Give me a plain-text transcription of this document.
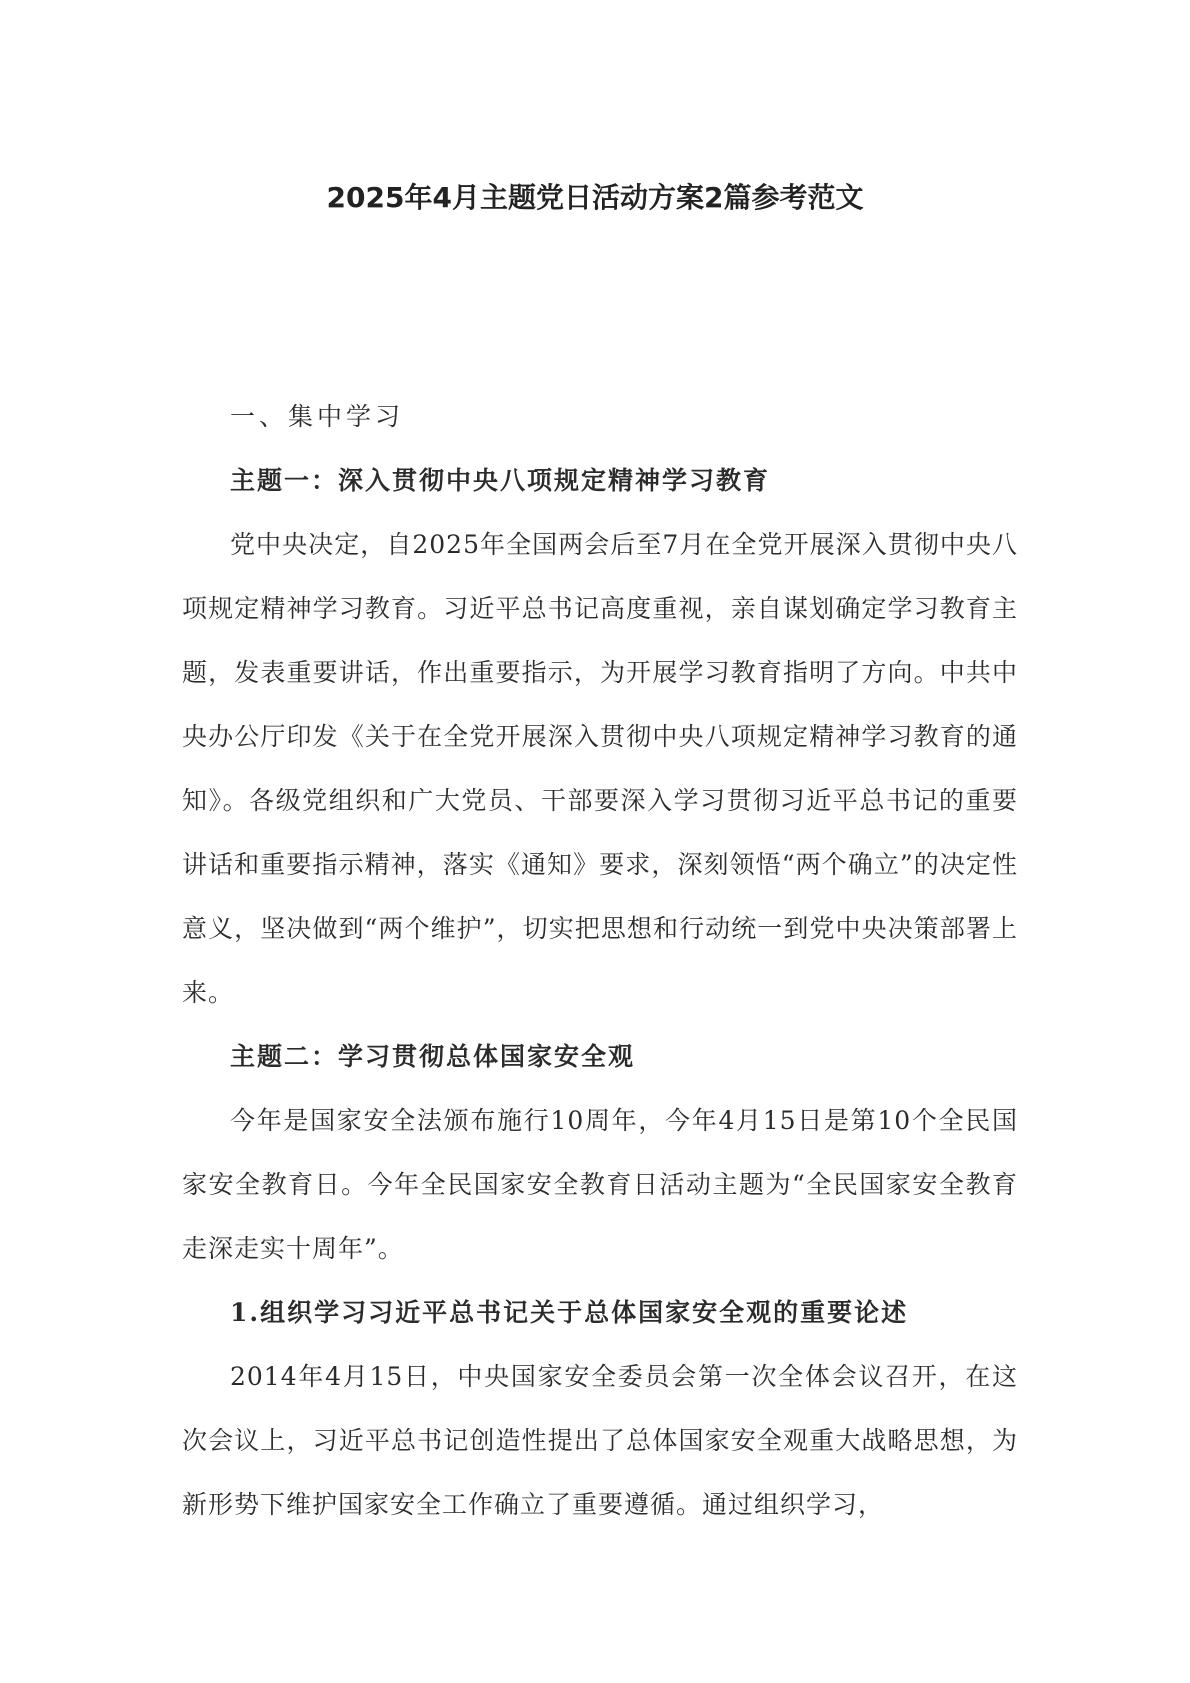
2025年4月主题党日活动方案2篇参考范文

一、集中学习

主题一：深入贯彻中央八项规定精神学习教育

党中央决定，自2025年全国两会后至7月在全党开展深入贯彻中央八项规定精神学习教育。习近平总书记高度重视，亲自谋划确定学习教育主题，发表重要讲话，作出重要指示，为开展学习教育指明了方向。中共中央办公厅印发《关于在全党开展深入贯彻中央八项规定精神学习教育的通知》。各级党组织和广大党员、干部要深入学习贯彻习近平总书记的重要讲话和重要指示精神，落实《通知》要求，深刻领悟“两个确立”的决定性意义，坚决做到“两个维护”，切实把思想和行动统一到党中央决策部署上来。

主题二：学习贯彻总体国家安全观

今年是国家安全法颁布施行10周年，今年4月15日是第10个全民国家安全教育日。今年全民国家安全教育日活动主题为“全民国家安全教育走深走实十周年”。

1.组织学习习近平总书记关于总体国家安全观的重要论述

2014年4月15日，中央国家安全委员会第一次全体会议召开，在这次会议上，习近平总书记创造性提出了总体国家安全观重大战略思想，为新形势下维护国家安全工作确立了重要遵循。通过组织学习，
